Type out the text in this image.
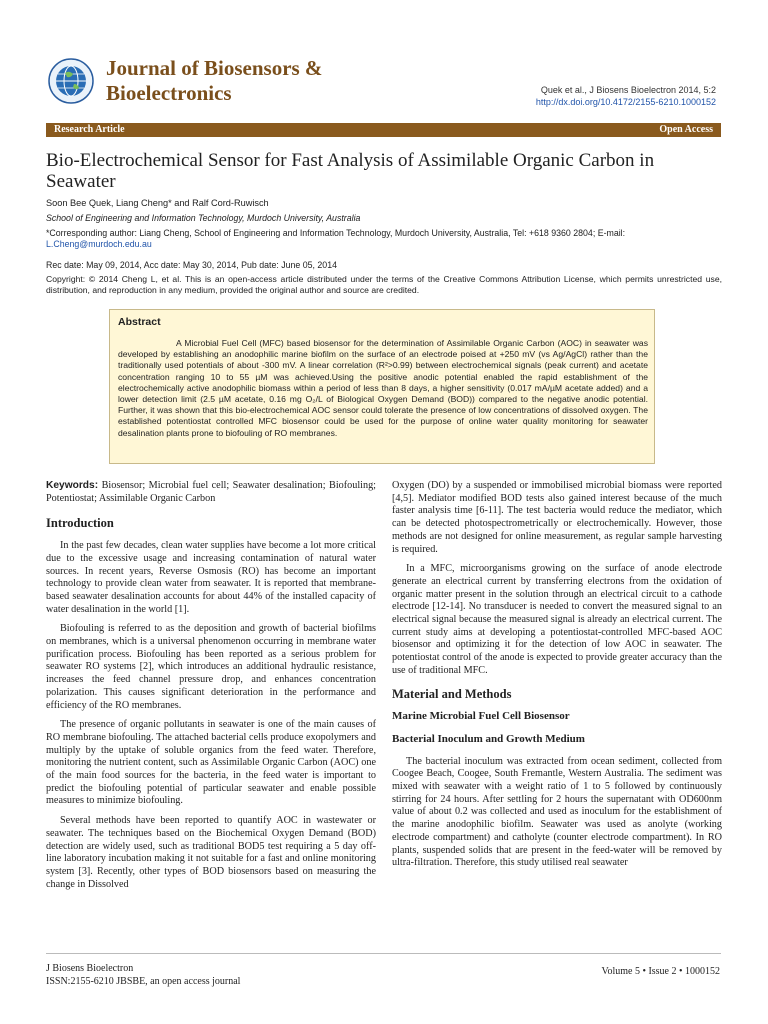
Journal of Biosensors &
Bioelectronics	Quek et al., J Biosens Bioelectron 2014, 5:2
http://dx.doi.org/10.4172/2155-6210.1000152
Research Article	Open Access
Bio-Electrochemical Sensor for Fast Analysis of Assimilable Organic Carbon in Seawater
Soon Bee Quek, Liang Cheng* and Ralf Cord-Ruwisch
School of Engineering and Information Technology, Murdoch University, Australia
*Corresponding author: Liang Cheng, School of Engineering and Information Technology, Murdoch University, Australia, Tel: +618 9360 2804; E-mail:
L.Cheng@murdoch.edu.au
Rec date: May 09, 2014, Acc date: May 30, 2014, Pub date: June 05, 2014
Copyright: © 2014 Cheng L, et al. This is an open-access article distributed under the terms of the Creative Commons Attribution License, which permits unrestricted use, distribution, and reproduction in any medium, provided the original author and source are credited.
Abstract
A Microbial Fuel Cell (MFC) based biosensor for the determination of Assimilable Organic Carbon (AOC) in seawater was developed by establishing an anodophilic marine biofilm on the surface of an electrode poised at +250 mV (vs Ag/AgCl) rather than the traditionally used potentials of about -300 mV. A linear correlation (R²>0.99) between electrochemical signals (peak current) and acetate concentration ranging 10 to 55 µM was achieved.Using the positive anodic potential enabled the rapid establishment of the electrochemically active anodophilic biomass within a period of less than 8 days, a higher sensitivity (0.017 mA/µM acetate added) and a lower detection limit (2.5 µM acetate, 0.16 mg O₂/L of Biological Oxygen Demand (BOD)) compared to the negative anodic potential. Further, it was shown that this bio-electrochemical AOC sensor could tolerate the presence of low concentrations of dissolved oxygen. The established potentiostat controlled MFC biosensor could be used for the purpose of online water quality monitoring for seawater desalination plants prone to biofouling of RO membranes.

Keywords: Biosensor; Microbial fuel cell; Seawater desalination; Biofouling; Potentiostat; Assimilable Organic Carbon

Introduction

In the past few decades, clean water supplies have become a lot more critical due to the excessive usage and increasing contamination of natural water sources. In recent years, Reverse Osmosis (RO) has become an important technology to provide clean water from seawater. It is reported that membrane-based seawater desalination accounts for about 44% of the installed capacity of water desalination in the world [1].

Biofouling is referred to as the deposition and growth of bacterial biofilms on membranes, which is a universal phenomenon occurring in membrane water purification process. Biofouling has been reported as a serious problem for seawater RO systems [2], which introduces an additional hydraulic resistance, increases the feed channel pressure drop, and enhances concentration polarization. This causes significant deterioration in the performance and efficiency of the RO membranes.

The presence of organic pollutants in seawater is one of the main causes of RO membrane biofouling. The attached bacterial cells produce exopolymers and multiply by the uptake of soluble organics from the feed water. Therefore, monitoring the nutrient content, such as Assimilable Organic Carbon (AOC) one of the main food sources for the bacteria, in the feed water is important to predict the biofouling potential of particular seawater and enable possible measures to minimize biofouling.

Several methods have been reported to quantify AOC in wastewater or seawater. The techniques based on the Biochemical Oxygen Demand (BOD) detection are widely used, such as traditional BOD5 test requiring a 5 day off-line laboratory incubation making it not suitable for a fast and online monitoring system [3]. Recently, other types of BOD biosensors based on measuring the change in Dissolved

Oxygen (DO) by a suspended or immobilised microbial biomass were reported [4,5]. Mediator modified BOD tests also gained interest because of the much faster analysis time [6-11]. The test bacteria would reduce the mediator, which can be detected photospectrometrically or electrochemically. However, those methods are not designed for online measurement, as regular sample harvesting is required.

In a MFC, microorganisms growing on the surface of anode electrode generate an electrical current by transferring electrons from the oxidation of organic matter present in the solution through an electrical circuit to a cathode electrode [12-14]. No transducer is needed to convert the measured signal to an electrical signal because the measured signal is already an electrical current. The current study aims at developing a potentiostat-controlled MFC-based AOC biosensor and optimizing it for the detection of low AOC in seawater. The potentiostat control of the anode is expected to provide greater accuracy than the use of traditional MFC.

Material and Methods
Marine Microbial Fuel Cell Biosensor
Bacterial Inoculum and Growth Medium

The bacterial inoculum was extracted from ocean sediment, collected from Coogee Beach, Coogee, South Fremantle, Western Australia. The sediment was mixed with seawater with a weight ratio of 1 to 5 followed by continuously stirring for 24 hours. After settling for 2 hours the supernatant with OD600nm value of about 0.2 was collected and used as inoculum for the establishment of the marine anodophilic biofilm. Seawater was used as anolyte (working electrode compartment) and catholyte (counter electrode compartment). In RO plants, suspended solids that are present in the feed-water will be removed by ultra-filtration. Therefore, this study utilised real seawater

J Biosens Bioelectron
ISSN:2155-6210 JBSBE, an open access journal
Volume 5 • Issue 2 • 1000152
